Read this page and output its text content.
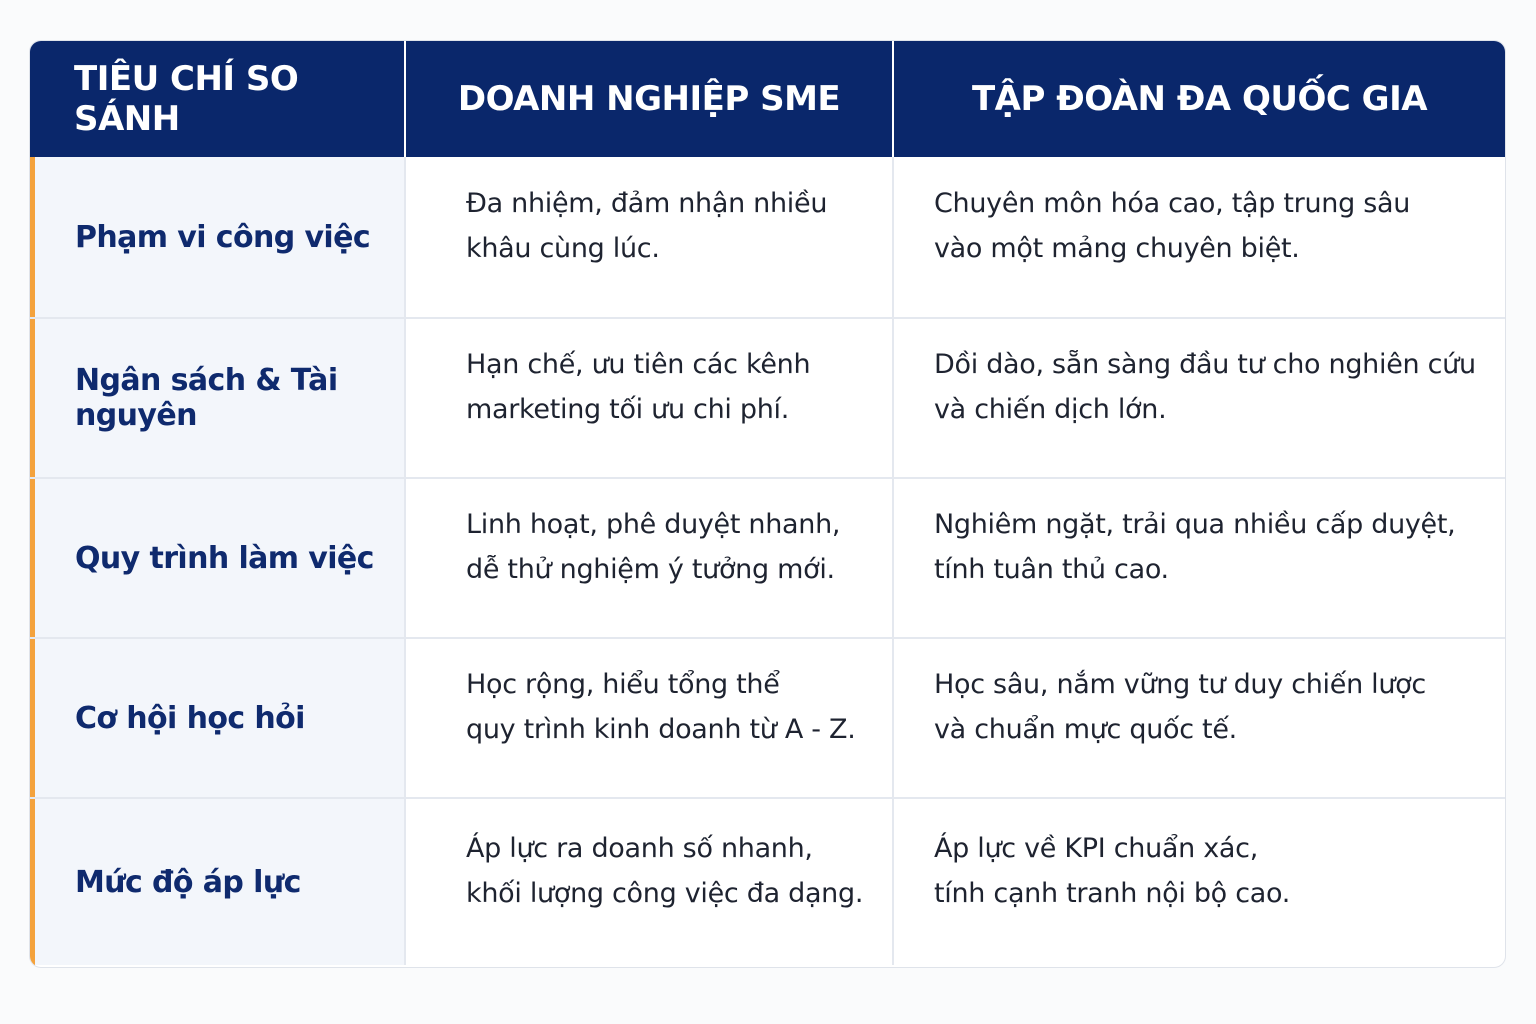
TIÊU CHÍ SO SÁNH	DOANH NGHIỆP SME	TẬP ĐOÀN ĐA QUỐC GIA
Phạm vi công việc
Đa nhiệm, đảm nhận nhiều
khâu cùng lúc.
Chuyên môn hóa cao, tập trung sâu
vào một mảng chuyên biệt.
Ngân sách & Tài nguyên
Hạn chế, ưu tiên các kênh
marketing tối ưu chi phí.
Dồi dào, sẵn sàng đầu tư cho nghiên cứu
và chiến dịch lớn.
Quy trình làm việc
Linh hoạt, phê duyệt nhanh,
dễ thử nghiệm ý tưởng mới.
Nghiêm ngặt, trải qua nhiều cấp duyệt,
tính tuân thủ cao.
Cơ hội học hỏi
Học rộng, hiểu tổng thể
quy trình kinh doanh từ A - Z.
Học sâu, nắm vững tư duy chiến lược
và chuẩn mực quốc tế.
Mức độ áp lực
Áp lực ra doanh số nhanh,
khối lượng công việc đa dạng.
Áp lực về KPI chuẩn xác,
tính cạnh tranh nội bộ cao.
